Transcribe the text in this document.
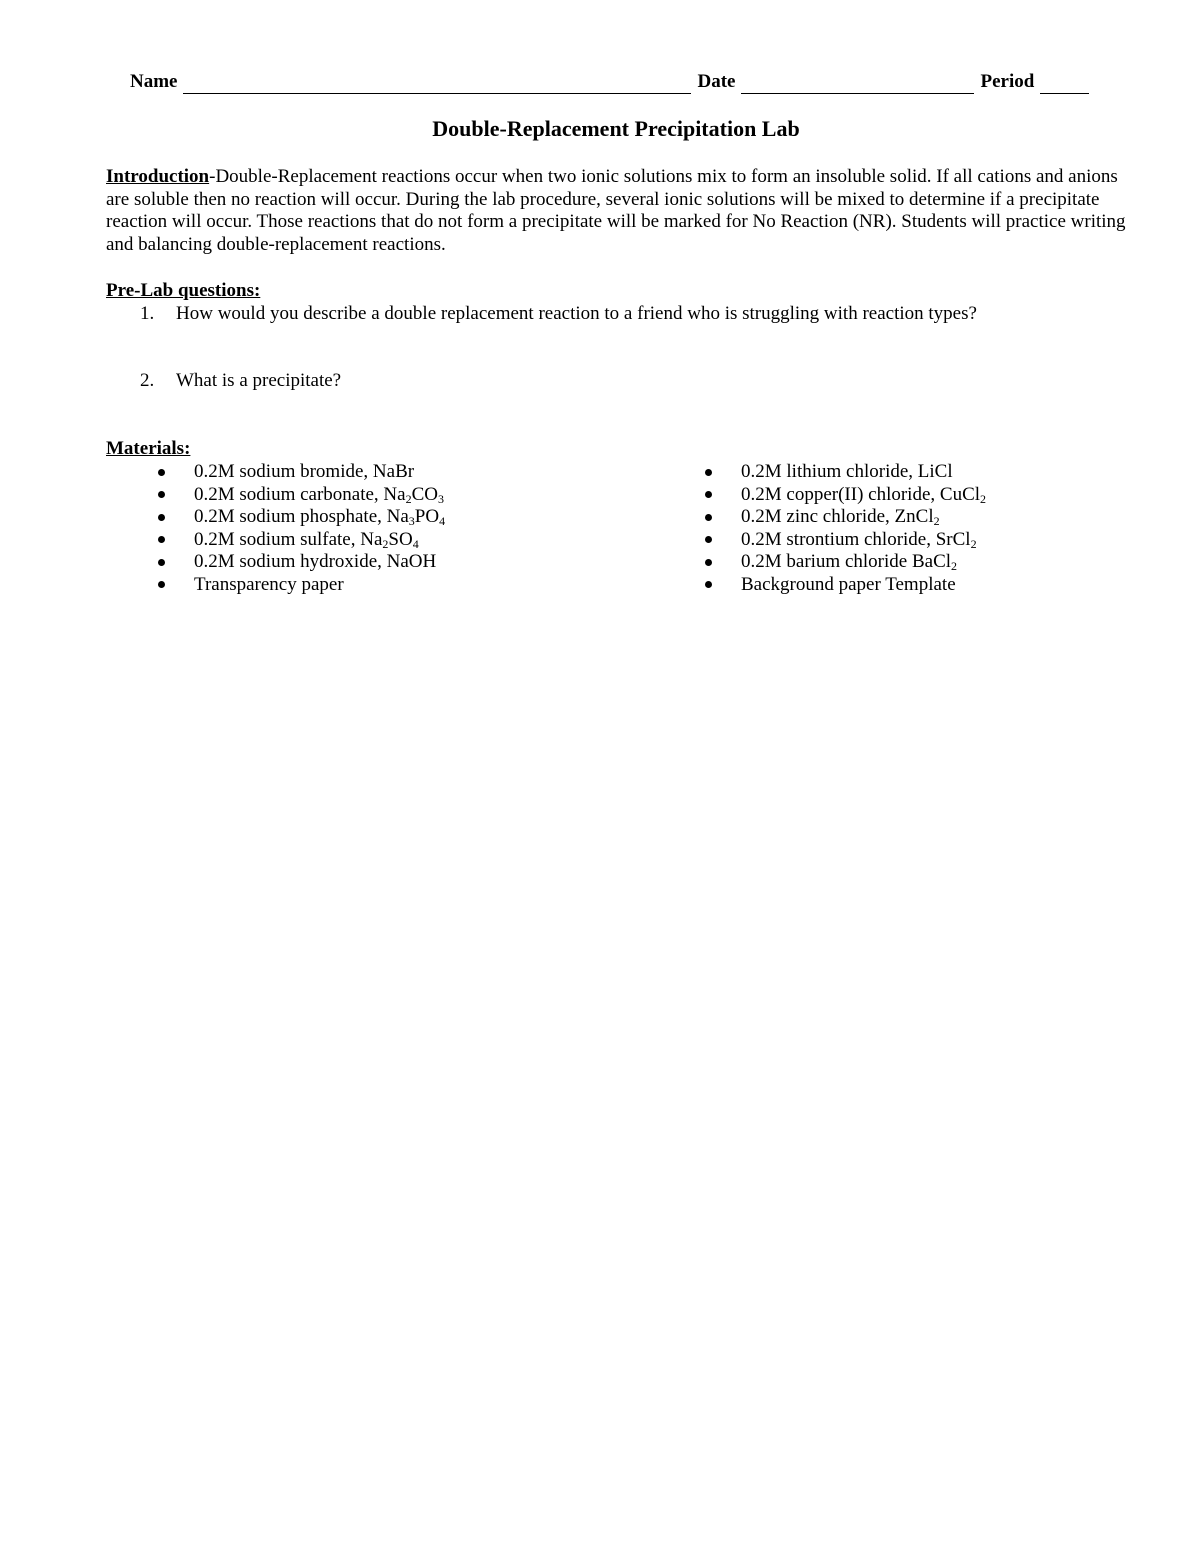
Name	Date	Period
Double-Replacement Precipitation Lab
Introduction-Double-Replacement reactions occur when two ionic solutions mix to form an insoluble solid. If all cations and anions are soluble then no reaction will occur. During the lab procedure, several ionic solutions will be mixed to determine if a precipitate reaction will occur. Those reactions that do not form a precipitate will be marked for No Reaction (NR). Students will practice writing and balancing double-replacement reactions.
Pre-Lab questions:
1.	How would you describe a double replacement reaction to a friend who is struggling with reaction types?
2.	What is a precipitate?
Materials:
0.2M sodium bromide, NaBr
0.2M sodium carbonate, $Na_2CO_3$
0.2M sodium phosphate, $Na_3PO_4$
0.2M sodium sulfate, $Na_2SO_4$
0.2M sodium hydroxide, NaOH
Transparency paper
0.2M lithium chloride, LiCl
0.2M copper(II) chloride, CuCl$_2$
0.2M zinc chloride, ZnCl$_2$
0.2M strontium chloride, SrCl$_2$
0.2M barium chloride BaCl$_2$
Background paper Template
